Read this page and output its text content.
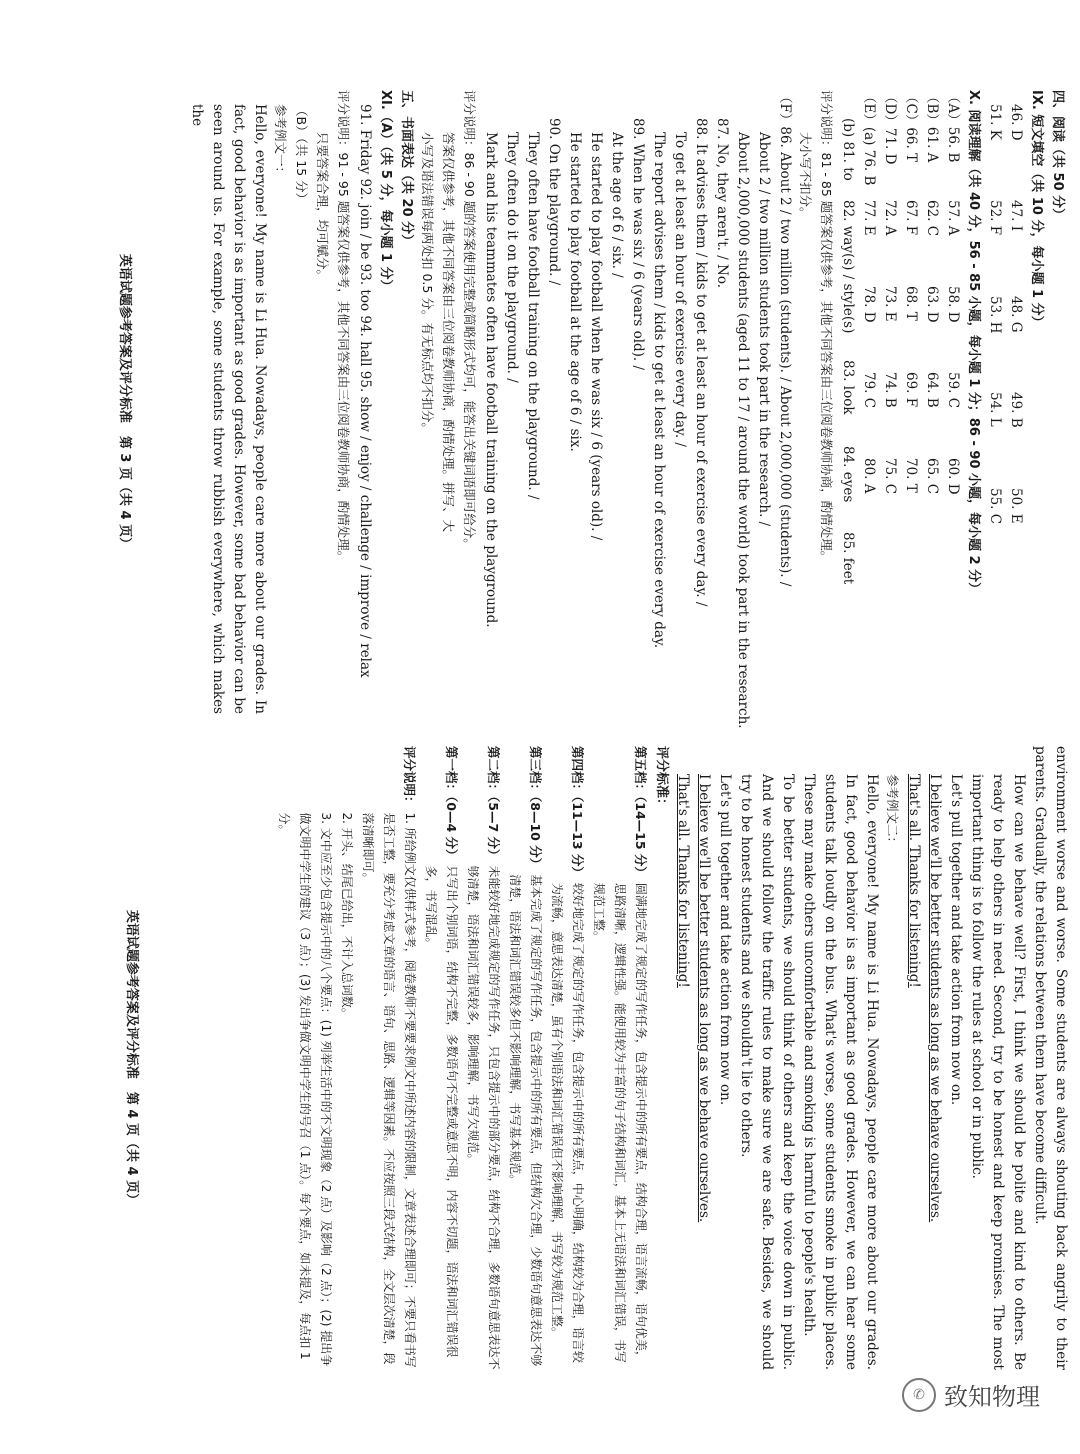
四、阅读（共 50 分）
IX. 短文填空（共 10 分，每小题 1 分）
46. D
47. I
48. G
49. B
50. E
51. K
52. F
53. H
54. L
55. C
X. 阅读理解（共 40 分，56 - 85 小题，每小题 1 分；86 - 90 小题，每小题 2 分）
（A）56. B
57. A
58. D
59. C
60. D
（B）61. A
62. C
63. D
64. B
65. C
（C）66. T
67. F
68. T
69. F
70. T
（D）71. D
72. A
73. E
74. B
75. C
（E）(a) 76. B
77. E
78. D
79. C
80. A
(b) 81. to
82. way(s) / style(s)
83. look
84. eyes
85. feet
评分说明：81 - 85 题答案仅供参考，其他不同答案由三位阅卷教师协商，酌情处理。
大小写不扣分。
（F）86. About 2 / two million (students). / About 2,000,000 (students). /
About 2 / two million students took part in the research. /
About 2,000,000 students (aged 11 to 17 / around the world) took part in the research.
87. No, they aren't. / No.
88. It advises them / kids to get at least an hour of exercise every day. /
To get at least an hour of exercise every day. /
The report advises them / kids to get at least an hour of exercise every day.
89. When he was six / 6 (years old). /
At the age of 6 / six. /
He started to play football when he was six / 6 (years old). /
He started to play football at the age of 6 / six.
90. On the playground. /
They often have football training on the playground. /
They often do it on the playground. /
Mark and his teammates often have football training on the playground.
评分说明：86 - 90 题的答案使用完整或简略形式均可，能答出关键词语即可给分。
答案仅供参考，其他不同答案由三位阅卷教师协商，酌情处理。拼写、大
小写及语法错误每两处扣 0.5 分。有无标点均不扣分。
五、书面表达（共 20 分）
XI.（A）（共 5 分，每小题 1 分）
91. Friday 92. join / be 93. too 94. hall 95. show / enjoy / challenge / improve / relax
评分说明：91 - 95 题答案仅供参考，其他不同答案由三位阅卷教师协商，酌情处理。
只要答案合理，均可赋分。
（B）（共 15 分）
参考例文一：
Hello, everyone! My name is Li Hua. Nowadays, people care more about our grades. In fact, good behavior is as important as good grades. However, some bad behavior can be seen around us. For example, some students throw rubbish everywhere, which makes the
英语试题参考答案及评分标准　第 3 页（共 4 页）
environment worse and worse. Some students are always shouting back angrily to their parents. Gradually, the relations between them have become difficult.
How can we behave well? First, I think we should be polite and kind to others. Be ready to help others in need. Second, try to be honest and keep promises. The most important thing is to follow the rules at school or in public.
Let's pull together and take action from now on.
I believe we'll be better students as long as we behave ourselves.
That's all. Thanks for listening!
参考例文二：
Hello, everyone! My name is Li Hua. Nowadays, people care more about our grades. In fact, good behavior is as important as good grades. However, we can hear some students talk loudly on the bus. What's worse, some students smoke in public places. These may make others uncomfortable and smoking is harmful to people's health.
To be better students, we should think of others and keep the voice down in public. And we should follow the traffic rules to make sure we are safe. Besides, we should try to be honest students and we shouldn't lie to others.
Let's pull together and take action from now on.
I believe we'll be better students as long as we behave ourselves.
That's all. Thanks for listening!
评分标准：
第五档：（14—15 分）
圆满地完成了规定的写作任务，包含提示中的所有要点，结构合理，语言流畅，语句优美，思路清晰，逻辑性强。能使用较为丰富的句子结构和词汇，基本上无语法和词汇错误，书写规范工整。
第四档：（11—13 分）
较好地完成了规定的写作任务，包含提示中的所有要点，中心明确，结构较为合理，语言较为流畅，意思表达清楚，虽有个别语法和词汇错误但不影响理解，书写较为规范工整。
第三档：（8—10 分）
基本完成了规定的写作任务，包含提示中的所有要点，但结构欠合理，少数语句意思表达不够清楚，语法和词汇错误较多但不影响理解，书写基本规范。
第二档：（5—7 分）
未能较好地完成规定的写作任务，只包含提示中的部分要点，结构不合理，多数语句意思表达不够清楚，语法和词汇错误较多，影响理解，书写欠规范。
第一档：（0—4 分）
只写出个别词语，结构不完整，多数语句不完整或意思不明，内容不切题，语法和词汇错误很多，书写混乱。
评分说明：
1. 所给例文仅供样式参考，阅卷教师不要要求例文中所述内容的限制，文章表述合理即可；不要只看书写是否工整，要充分考虑文章的语言、语句、思路、逻辑等因素。不应按照三段式结构，全文层次清楚，段落清晰即可。
2. 开头、结尾已给出，不计入总词数。
3. 文中应至少包含提示中的八个要点：(1) 列举生活中的不文明现象（2 点）及影响（2 点）；(2) 提出争做文明中学生的建议（3 点）；(3) 发出争做文明中学生的号召（1 点）。每个要点，如未提及，每点扣 1 分。
英语试题参考答案及评分标准　第 4 页（共 4 页）
✆ 致知物理
